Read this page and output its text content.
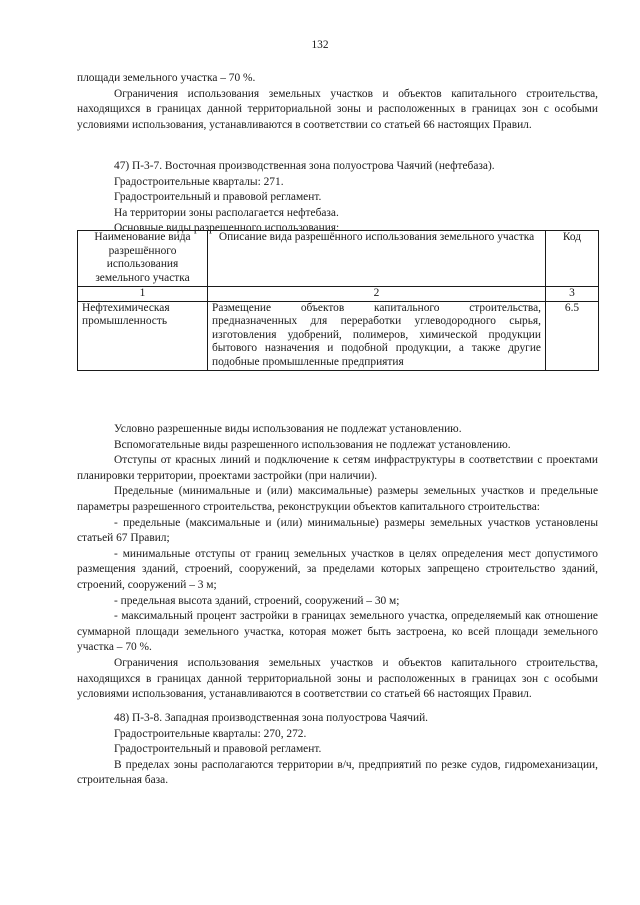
132

площади земельного участка – 70 %.

Ограничения использования земельных участков и объектов капитального строительства, находящихся в границах данной территориальной зоны и расположенных в границах зон с особыми условиями использования, устанавливаются в соответствии со статьей 66 настоящих Правил.

47) П-3-7. Восточная производственная зона полуострова Чаячий (нефтебаза).

Градостроительные кварталы: 271.

Градостроительный и правовой регламент.

На территории зоны располагается нефтебаза.

Основные виды разрешенного использования:

Наименование вида разрешённого использования земельного участка	Описание вида разрешённого использования земельного участка	Код
1	2	3
Нефтехимическая промышленность	Размещение объектов капитального строительства, предназначенных для переработки углеводородного сырья, изготовления удобрений, полимеров, химической продукции бытового назначения и подобной продукции, а также другие подобные промышленные предприятия	6.5

Условно разрешенные виды использования не подлежат установлению.

Вспомогательные виды разрешенного использования не подлежат установлению.

Отступы от красных линий и подключение к сетям инфраструктуры в соответствии с проектами планировки территории, проектами застройки (при наличии).

Предельные (минимальные и (или) максимальные) размеры земельных участков и предельные параметры разрешенного строительства, реконструкции объектов капитального строительства:

- предельные (максимальные и (или) минимальные) размеры земельных участков установлены статьей 67 Правил;

- минимальные отступы от границ земельных участков в целях определения мест допустимого размещения зданий, строений, сооружений, за пределами которых запрещено строительство зданий, строений, сооружений – 3 м;

- предельная высота зданий, строений, сооружений – 30 м;

- максимальный процент застройки в границах земельного участка, определяемый как отношение суммарной площади земельного участка, которая может быть застроена, ко всей площади земельного участка – 70 %.

Ограничения использования земельных участков и объектов капитального строительства, находящихся в границах данной территориальной зоны и расположенных в границах зон с особыми условиями использования, устанавливаются в соответствии со статьей 66 настоящих Правил.

48) П-3-8. Западная производственная зона полуострова Чаячий.

Градостроительные кварталы: 270, 272.

Градостроительный и правовой регламент.

В пределах зоны располагаются территории в/ч, предприятий по резке судов, гидромеханизации, строительная база.
